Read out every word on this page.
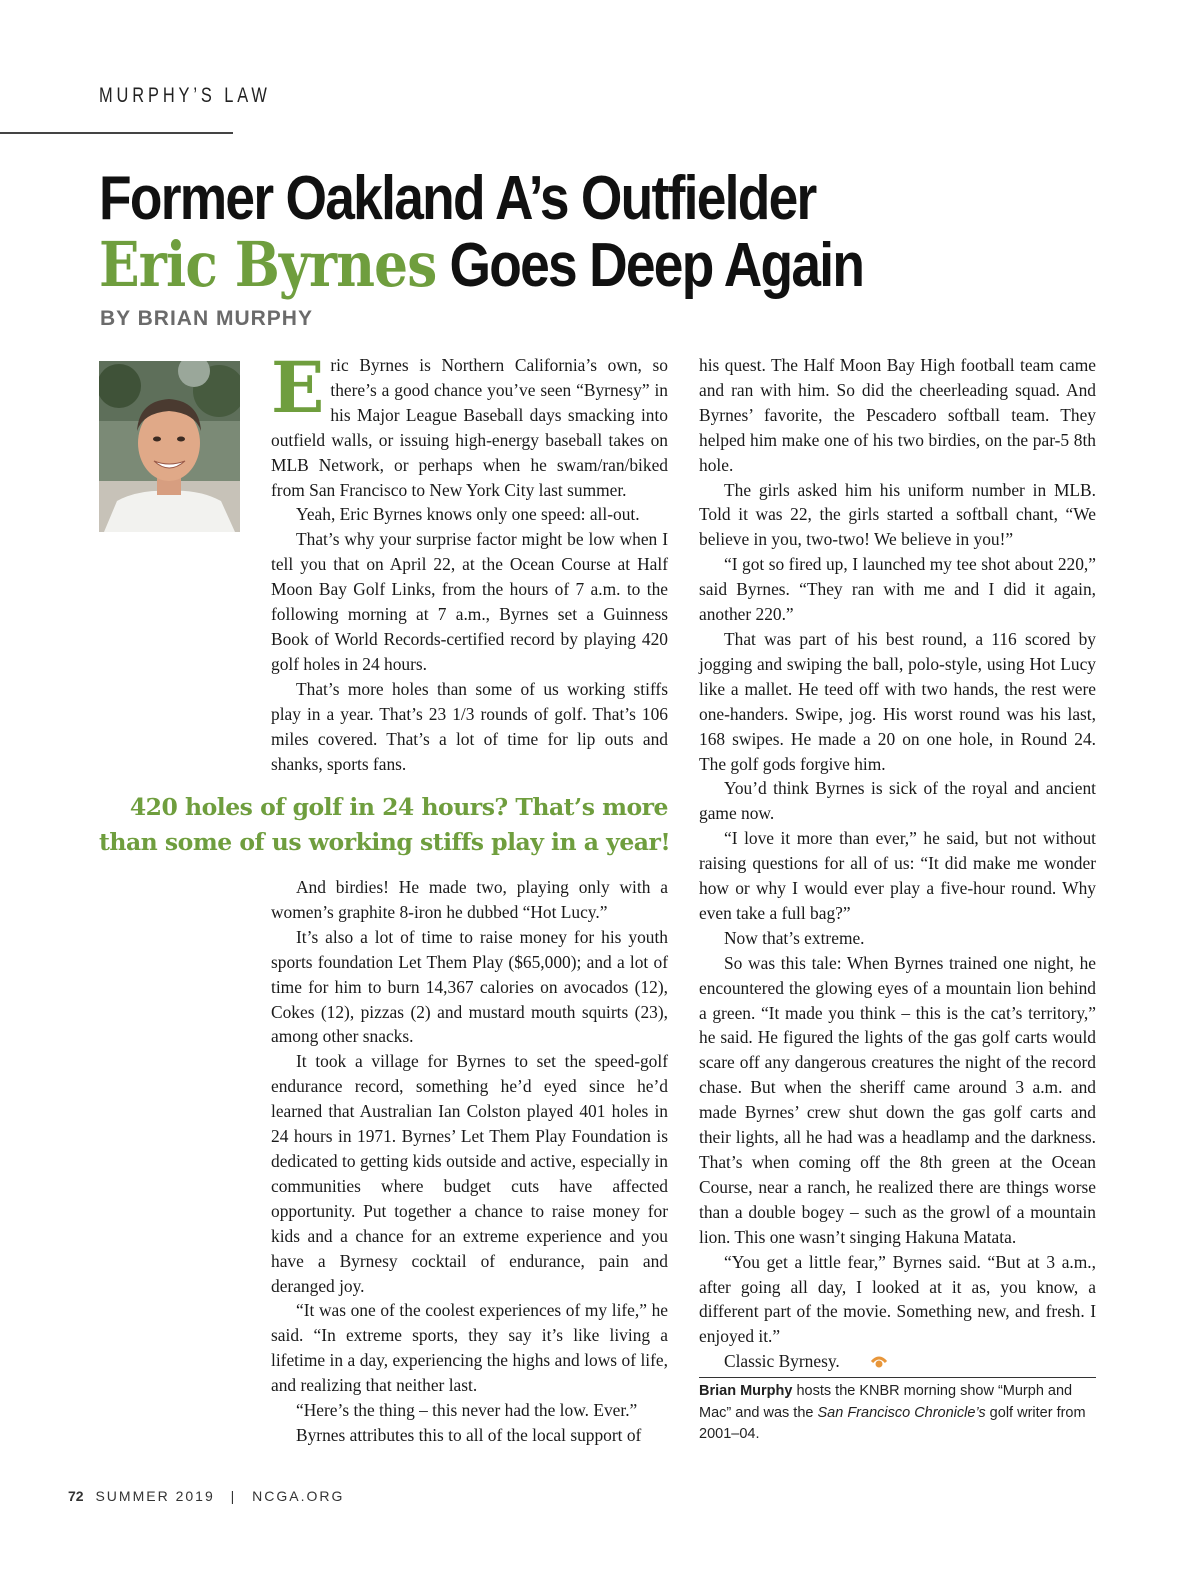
MURPHY’S LAW
Former Oakland A’s Outfielder
Eric Byrnes Goes Deep Again
BY BRIAN MURPHY

Eric Byrnes is Northern California’s own, so there’s a good chance you’ve seen “Byrnesy” in his Major League Baseball days smacking into outfield walls, or issuing high-energy baseball takes on MLB Network, or perhaps when he swam/ran/biked from San Francisco to New York City last summer.

Yeah, Eric Byrnes knows only one speed: all-out.

That’s why your surprise factor might be low when I tell you that on April 22, at the Ocean Course at Half Moon Bay Golf Links, from the hours of 7 a.m. to the following morning at 7 a.m., Byrnes set a Guinness Book of World Records-certified record by playing 420 golf holes in 24 hours.

That’s more holes than some of us working stiffs play in a year. That’s 23 1/3 rounds of golf. That’s 106 miles covered. That’s a lot of time for lip outs and shanks, sports fans.

420 holes of golf in 24 hours? That’s more
than some of us working stiffs play in a year!

And birdies! He made two, playing only with a women’s graphite 8-iron he dubbed “Hot Lucy.”

It’s also a lot of time to raise money for his youth sports foundation Let Them Play ($65,000); and a lot of time for him to burn 14,367 calories on avocados (12), Cokes (12), pizzas (2) and mustard mouth squirts (23), among other snacks.

It took a village for Byrnes to set the speed-golf endurance record, something he’d eyed since he’d learned that Australian Ian Colston played 401 holes in 24 hours in 1971. Byrnes’ Let Them Play Foundation is dedicated to getting kids outside and active, especially in communities where budget cuts have affected opportunity. Put together a chance to raise money for kids and a chance for an extreme experience and you have a Byrnesy cocktail of endurance, pain and deranged joy.

“It was one of the coolest experiences of my life,” he said. “In extreme sports, they say it’s like living a lifetime in a day, experiencing the highs and lows of life, and realizing that neither last.

“Here’s the thing – this never had the low. Ever.”

Byrnes attributes this to all of the local support of

his quest. The Half Moon Bay High football team came and ran with him. So did the cheerleading squad. And Byrnes’ favorite, the Pescadero softball team. They helped him make one of his two birdies, on the par-5 8th hole.

The girls asked him his uniform number in MLB. Told it was 22, the girls started a softball chant, “We believe in you, two-two! We believe in you!”

“I got so fired up, I launched my tee shot about 220,” said Byrnes. “They ran with me and I did it again, another 220.”

That was part of his best round, a 116 scored by jogging and swiping the ball, polo-style, using Hot Lucy like a mallet. He teed off with two hands, the rest were one-handers. Swipe, jog. His worst round was his last, 168 swipes. He made a 20 on one hole, in Round 24. The golf gods forgive him.

You’d think Byrnes is sick of the royal and ancient game now.

“I love it more than ever,” he said, but not without raising questions for all of us: “It did make me wonder how or why I would ever play a five-hour round. Why even take a full bag?”

Now that’s extreme.

So was this tale: When Byrnes trained one night, he encountered the glowing eyes of a mountain lion behind a green. “It made you think – this is the cat’s territory,” he said. He figured the lights of the gas golf carts would scare off any dangerous creatures the night of the record chase. But when the sheriff came around 3 a.m. and made Byrnes’ crew shut down the gas golf carts and their lights, all he had was a headlamp and the darkness. That’s when coming off the 8th green at the Ocean Course, near a ranch, he realized there are things worse than a double bogey – such as the growl of a mountain lion. This one wasn’t singing Hakuna Matata.

“You get a little fear,” Byrnes said. “But at 3 a.m., after going all day, I looked at it as, you know, a different part of the movie. Something new, and fresh. I enjoyed it.”

Classic Byrnesy.

Brian Murphy hosts the KNBR morning show “Murph and Mac” and was the San Francisco Chronicle’s golf writer from 2001–04.
72 SUMMER 2019 | NCGA.ORG
